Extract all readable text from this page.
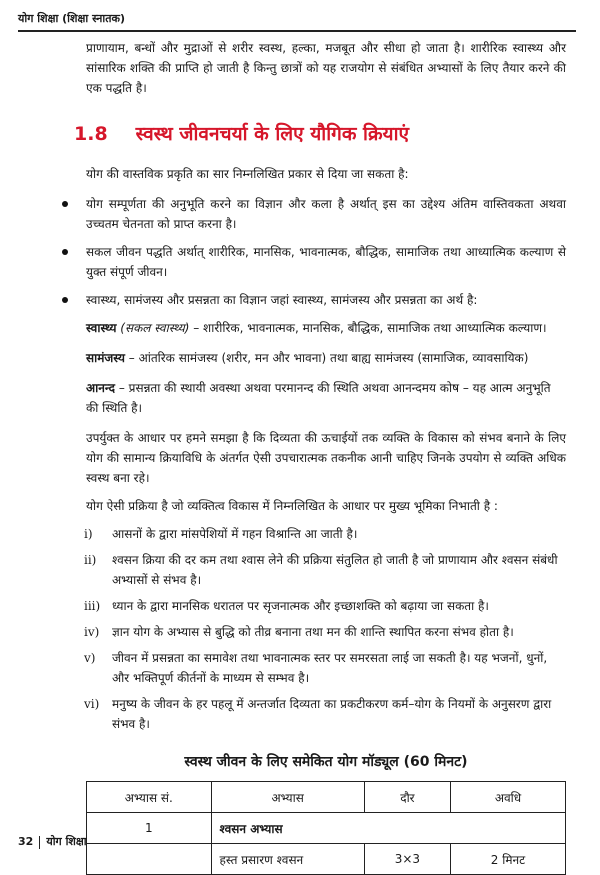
योग शिक्षा (शिक्षा स्नातक)

प्राणायाम, बन्धों और मुद्राओं से शरीर स्वस्थ, हल्का, मजबूत और सीधा हो जाता है। शारीरिक स्वास्थ्य और सांसारिक शक्ति की प्राप्ति हो जाती है किन्तु छात्रों को यह राजयोग से संबंधित अभ्यासों के लिए तैयार करने की एक पद्धति है।

1.8 स्वस्थ जीवनचर्या के लिए यौगिक क्रियाएं

योग की वास्तविक प्रकृति का सार निम्नलिखित प्रकार से दिया जा सकता है:

योग सम्पूर्णता की अनुभूति करने का विज्ञान और कला है अर्थात् इस का उद्देश्य अंतिम वास्तिवकता अथवा उच्चतम चेतनता को प्राप्त करना है।
सकल जीवन पद्धति अर्थात् शारीरिक, मानसिक, भावनात्मक, बौद्धिक, सामाजिक तथा आध्यात्मिक कल्याण से युक्त संपूर्ण जीवन।
स्वास्थ्य, सामंजस्य और प्रसन्नता का विज्ञान जहां स्वास्थ्य, सामंजस्य और प्रसन्नता का अर्थ है:
स्वास्थ्य (सकल स्वास्थ्य) – शारीरिक, भावनात्मक, मानसिक, बौद्धिक, सामाजिक तथा आध्यात्मिक कल्याण।
सामंजस्य – आंतरिक सामंजस्य (शरीर, मन और भावना) तथा बाह्य सामंजस्य (सामाजिक, व्यावसायिक)
आनन्द – प्रसन्नता की स्थायी अवस्था अथवा परमानन्द की स्थिति अथवा आनन्दमय कोष – यह आत्म अनुभूति की स्थिति है।

उपर्युक्त के आधार पर हमने समझा है कि दिव्यता की ऊचाईयों तक व्यक्ति के विकास को संभव बनाने के लिए योग की सामान्य क्रियाविधि के अंतर्गत ऐसी उपचारात्मक तकनीक आनी चाहिए जिनके उपयोग से व्यक्ति अधिक स्वस्थ बना रहे।

योग ऐसी प्रक्रिया है जो व्यक्तित्व विकास में निम्नलिखित के आधार पर मुख्य भूमिका निभाती है :

i) आसनों के द्वारा मांसपेशियों में गहन विश्रान्ति आ जाती है।
ii) श्वसन क्रिया की दर कम तथा श्वास लेने की प्रक्रिया संतुलित हो जाती है जो प्राणायाम और श्वसन संबंधी अभ्यासों से संभव है।
iii) ध्यान के द्वारा मानसिक धरातल पर सृजनात्मक और इच्छाशक्ति को बढ़ाया जा सकता है।
iv) ज्ञान योग के अभ्यास से बुद्धि को तीव्र बनाना तथा मन की शान्ति स्थापित करना संभव होता है।
v) जीवन में प्रसन्नता का समावेश तथा भावनात्मक स्तर पर समरसता लाई जा सकती है। यह भजनों, धुनों, और भक्तिपूर्ण कीर्तनों के माध्यम से सम्भव है।
vi) मनुष्य के जीवन के हर पहलू में अन्तर्जात दिव्यता का प्रकटीकरण कर्म–योग के नियमों के अनुसरण द्वारा संभव है।
स्वस्थ जीवन के लिए समेकित योग मॉड्यूल (60 मिनट)
अभ्यास सं.	अभ्यास	दौर	अवधि
1	श्वसन अभ्यास		
	हस्त प्रसारण श्वसन	3×3	2 मिनट
32 योग शिक्षा
